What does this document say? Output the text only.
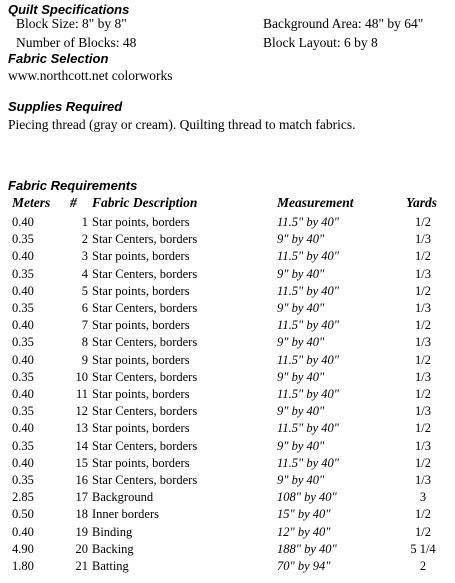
Quilt Specifications
Block Size: 8" by 8"
Number of Blocks: 48
Background Area: 48" by 64"
Block Layout: 6 by 8
Fabric Selection
www.northcott.net colorworks
Supplies Required
Piecing thread (gray or cream). Quilting thread to match fabrics.
Fabric Requirements
Meters # Fabric Description	Measurement	Yards
0.40	1 Star points, borders	11.5" by 40"	1/2
0.35	2 Star Centers, borders	9" by 40"	1/3
0.40	3 Star points, borders	11.5" by 40"	1/2
0.35	4 Star Centers, borders	9" by 40"	1/3
0.40	5 Star points, borders	11.5" by 40"	1/2
0.35	6 Star Centers, borders	9" by 40"	1/3
0.40	7 Star points, borders	11.5" by 40"	1/2
0.35	8 Star Centers, borders	9" by 40"	1/3
0.40	9 Star points, borders	11.5" by 40"	1/2
0.35	10 Star Centers, borders	9" by 40"	1/3
0.40	11 Star points, borders	11.5" by 40"	1/2
0.35	12 Star Centers, borders	9" by 40"	1/3
0.40	13 Star points, borders	11.5" by 40"	1/2
0.35	14 Star Centers, borders	9" by 40"	1/3
0.40	15 Star points, borders	11.5" by 40"	1/2
0.35	16 Star Centers, borders	9" by 40"	1/3
2.85	17 Background	108" by 40"	3
0.50	18 Inner borders	15" by 40"	1/2
0.40	19 Binding	12" by 40"	1/2
4.90	20 Backing	188" by 40"	5 1/4
1.80	21 Batting	70" by 94"	2
